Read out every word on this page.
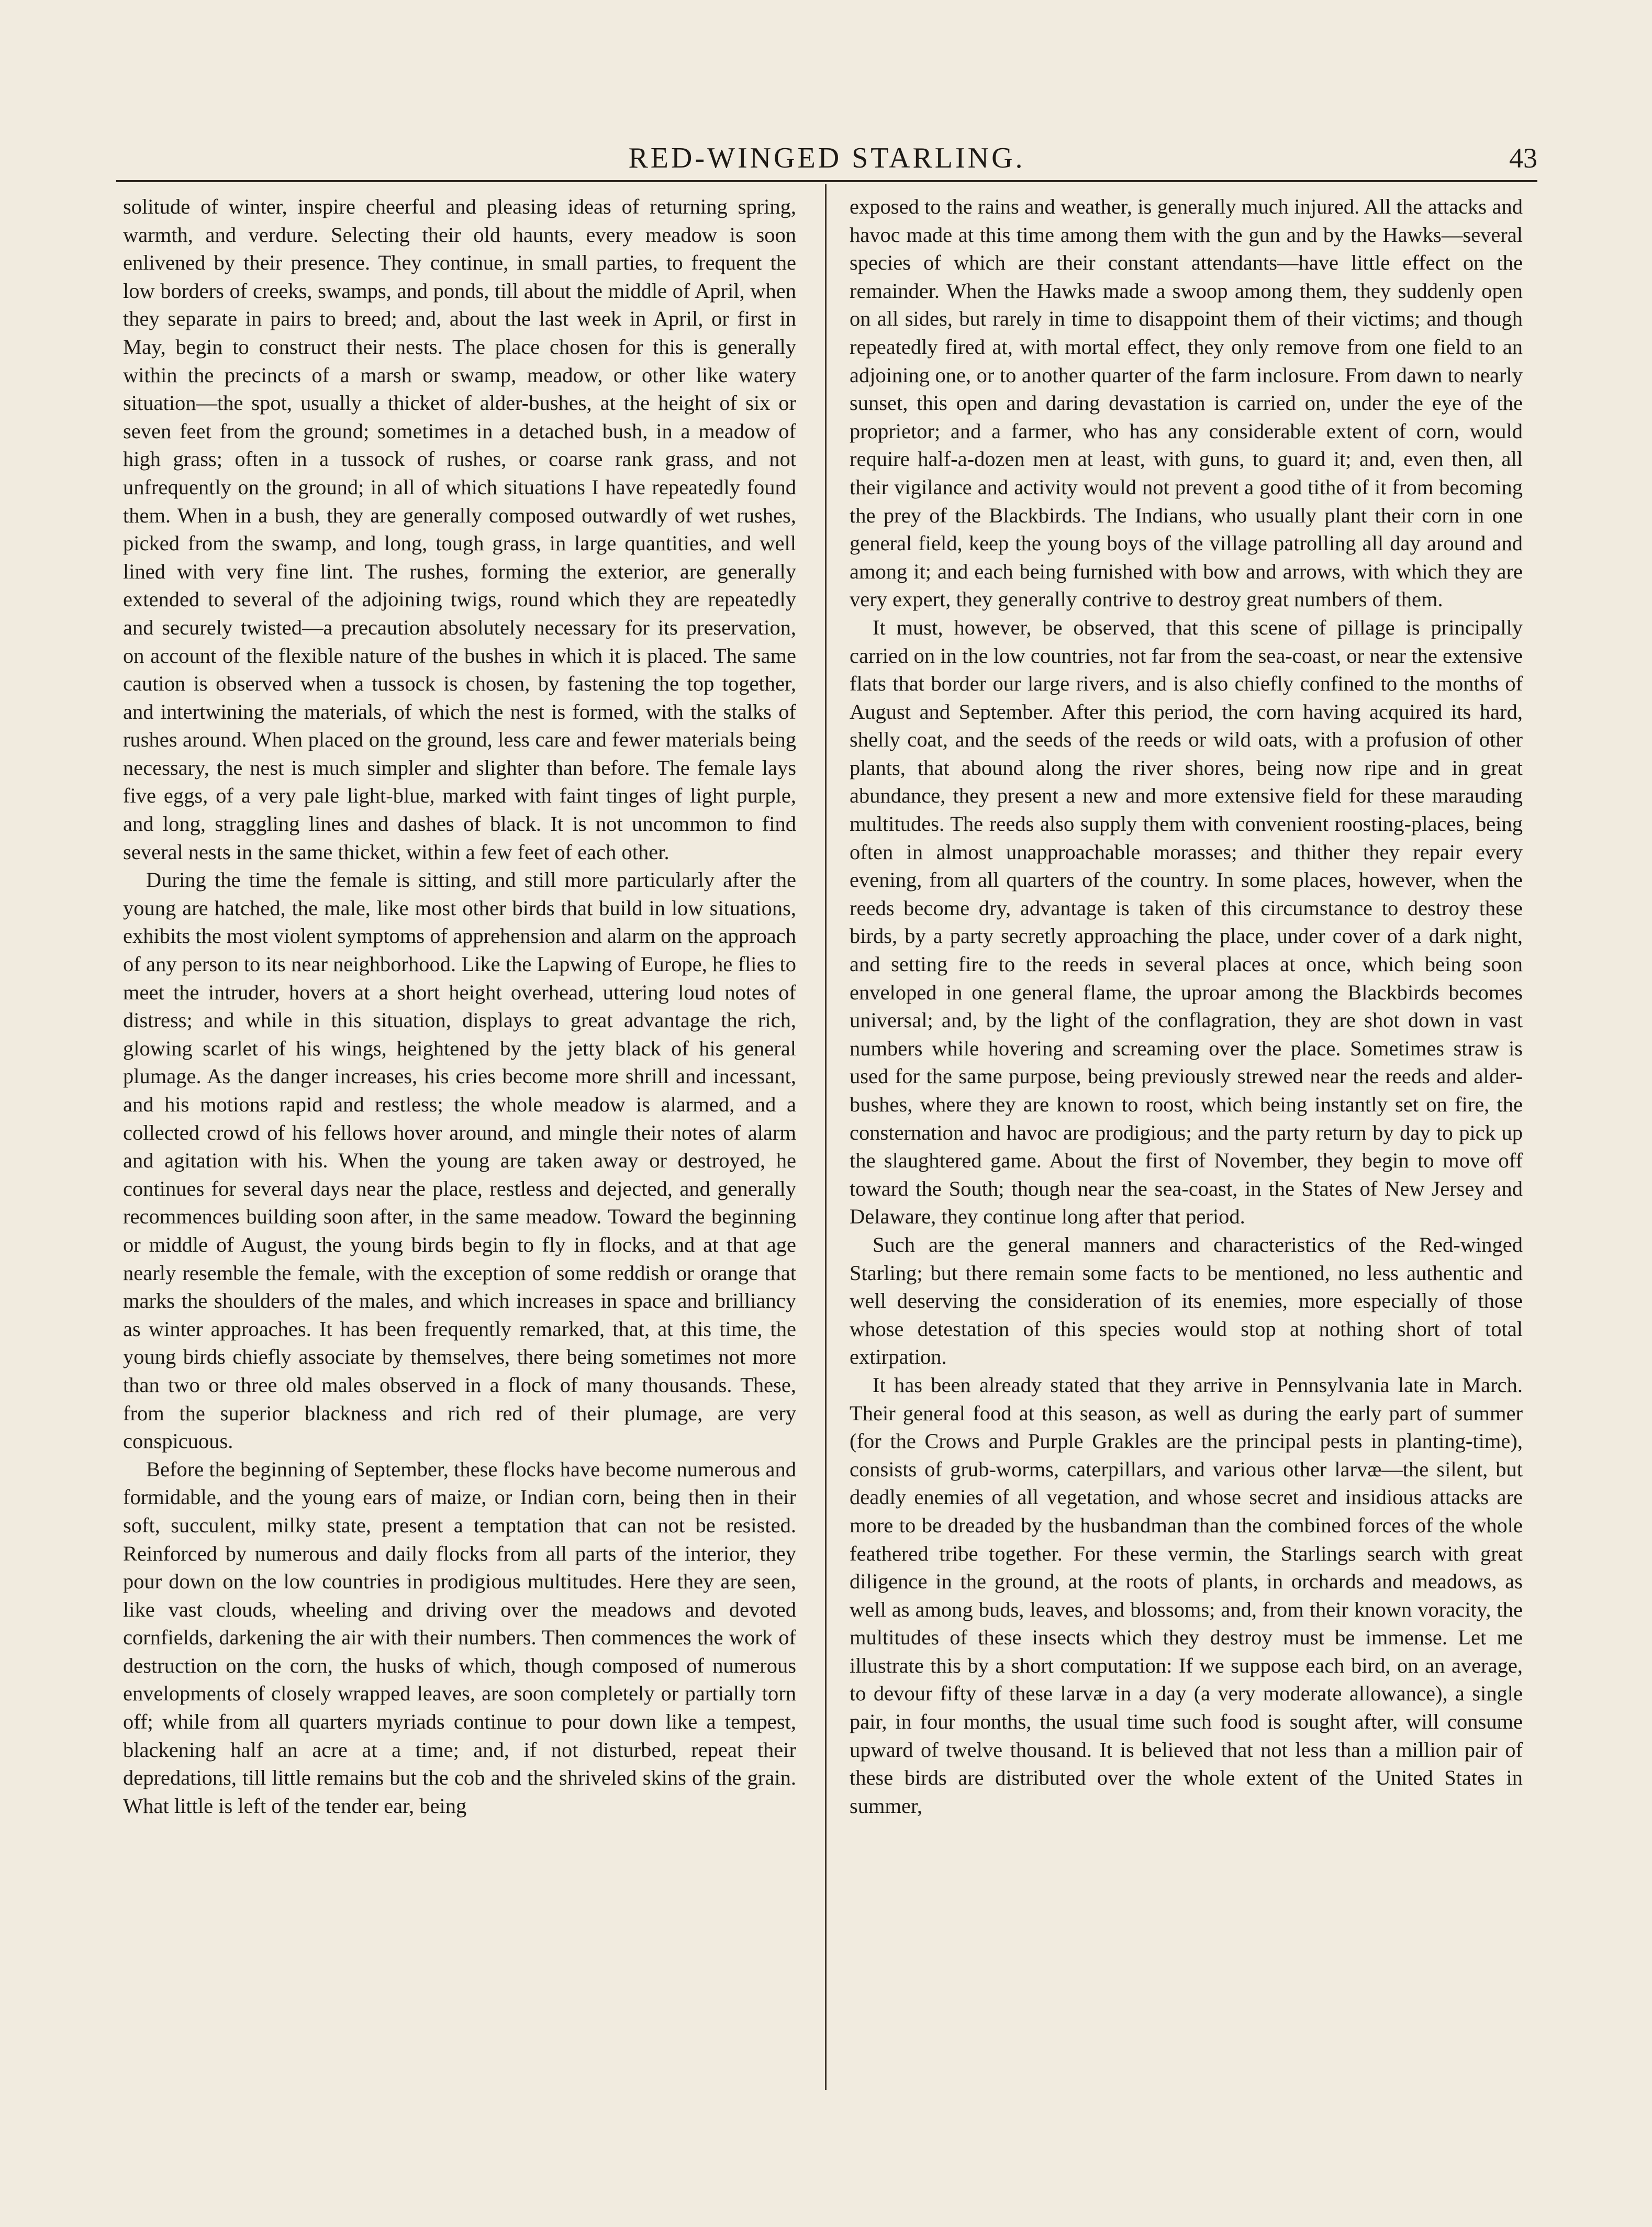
RED-WINGED STARLING.	43

solitude of winter, inspire cheerful and pleasing ideas of returning spring, warmth, and verdure. Selecting their old haunts, every meadow is soon enlivened by their presence. They continue, in small parties, to frequent the low borders of creeks, swamps, and ponds, till about the middle of April, when they separate in pairs to breed; and, about the last week in April, or first in May, begin to construct their nests. The place chosen for this is generally within the precincts of a marsh or swamp, meadow, or other like watery situation—the spot, usually a thicket of alder-bushes, at the height of six or seven feet from the ground; sometimes in a detached bush, in a meadow of high grass; often in a tussock of rushes, or coarse rank grass, and not unfrequently on the ground; in all of which situations I have repeatedly found them. When in a bush, they are generally composed outwardly of wet rushes, picked from the swamp, and long, tough grass, in large quantities, and well lined with very fine lint. The rushes, forming the exterior, are generally extended to several of the adjoining twigs, round which they are repeatedly and securely twisted—a precaution absolutely necessary for its preservation, on account of the flexible nature of the bushes in which it is placed. The same caution is observed when a tussock is chosen, by fastening the top together, and intertwining the materials, of which the nest is formed, with the stalks of rushes around. When placed on the ground, less care and fewer materials being necessary, the nest is much simpler and slighter than before. The female lays five eggs, of a very pale light-blue, marked with faint tinges of light purple, and long, straggling lines and dashes of black. It is not uncommon to find several nests in the same thicket, within a few feet of each other.

During the time the female is sitting, and still more particularly after the young are hatched, the male, like most other birds that build in low situations, exhibits the most violent symptoms of apprehension and alarm on the approach of any person to its near neighborhood. Like the Lapwing of Europe, he flies to meet the intruder, hovers at a short height overhead, uttering loud notes of distress; and while in this situation, displays to great advantage the rich, glowing scarlet of his wings, heightened by the jetty black of his general plumage. As the danger increases, his cries become more shrill and incessant, and his motions rapid and restless; the whole meadow is alarmed, and a collected crowd of his fellows hover around, and mingle their notes of alarm and agitation with his. When the young are taken away or destroyed, he continues for several days near the place, restless and dejected, and generally recommences building soon after, in the same meadow. Toward the beginning or middle of August, the young birds begin to fly in flocks, and at that age nearly resemble the female, with the exception of some reddish or orange that marks the shoulders of the males, and which increases in space and brilliancy as winter approaches. It has been frequently remarked, that, at this time, the young birds chiefly associate by themselves, there being sometimes not more than two or three old males observed in a flock of many thousands. These, from the superior blackness and rich red of their plumage, are very conspicuous.

Before the beginning of September, these flocks have become numerous and formidable, and the young ears of maize, or Indian corn, being then in their soft, succulent, milky state, present a temptation that can not be resisted. Reinforced by numerous and daily flocks from all parts of the interior, they pour down on the low countries in prodigious multitudes. Here they are seen, like vast clouds, wheeling and driving over the meadows and devoted cornfields, darkening the air with their numbers. Then commences the work of destruction on the corn, the husks of which, though composed of numerous envelopments of closely wrapped leaves, are soon completely or partially torn off; while from all quarters myriads continue to pour down like a tempest, blackening half an acre at a time; and, if not disturbed, repeat their depredations, till little remains but the cob and the shriveled skins of the grain. What little is left of the tender ear, being

exposed to the rains and weather, is generally much injured. All the attacks and havoc made at this time among them with the gun and by the Hawks—several species of which are their constant attendants—have little effect on the remainder. When the Hawks made a swoop among them, they suddenly open on all sides, but rarely in time to disappoint them of their victims; and though repeatedly fired at, with mortal effect, they only remove from one field to an adjoining one, or to another quarter of the farm inclosure. From dawn to nearly sunset, this open and daring devastation is carried on, under the eye of the proprietor; and a farmer, who has any considerable extent of corn, would require half-a-dozen men at least, with guns, to guard it; and, even then, all their vigilance and activity would not prevent a good tithe of it from becoming the prey of the Blackbirds. The Indians, who usually plant their corn in one general field, keep the young boys of the village patrolling all day around and among it; and each being furnished with bow and arrows, with which they are very expert, they generally contrive to destroy great numbers of them.

It must, however, be observed, that this scene of pillage is principally carried on in the low countries, not far from the sea-coast, or near the extensive flats that border our large rivers, and is also chiefly confined to the months of August and September. After this period, the corn having acquired its hard, shelly coat, and the seeds of the reeds or wild oats, with a profusion of other plants, that abound along the river shores, being now ripe and in great abundance, they present a new and more extensive field for these marauding multitudes. The reeds also supply them with convenient roosting-places, being often in almost unapproachable morasses; and thither they repair every evening, from all quarters of the country. In some places, however, when the reeds become dry, advantage is taken of this circumstance to destroy these birds, by a party secretly approaching the place, under cover of a dark night, and setting fire to the reeds in several places at once, which being soon enveloped in one general flame, the uproar among the Blackbirds becomes universal; and, by the light of the conflagration, they are shot down in vast numbers while hovering and screaming over the place. Sometimes straw is used for the same purpose, being previously strewed near the reeds and alder-bushes, where they are known to roost, which being instantly set on fire, the consternation and havoc are prodigious; and the party return by day to pick up the slaughtered game. About the first of November, they begin to move off toward the South; though near the sea-coast, in the States of New Jersey and Delaware, they continue long after that period.

Such are the general manners and characteristics of the Red-winged Starling; but there remain some facts to be mentioned, no less authentic and well deserving the consideration of its enemies, more especially of those whose detestation of this species would stop at nothing short of total extirpation.

It has been already stated that they arrive in Pennsylvania late in March. Their general food at this season, as well as during the early part of summer (for the Crows and Purple Grakles are the principal pests in planting-time), consists of grub-worms, caterpillars, and various other larvæ—the silent, but deadly enemies of all vegetation, and whose secret and insidious attacks are more to be dreaded by the husbandman than the combined forces of the whole feathered tribe together. For these vermin, the Starlings search with great diligence in the ground, at the roots of plants, in orchards and meadows, as well as among buds, leaves, and blossoms; and, from their known voracity, the multitudes of these insects which they destroy must be immense. Let me illustrate this by a short computation: If we suppose each bird, on an average, to devour fifty of these larvæ in a day (a very moderate allowance), a single pair, in four months, the usual time such food is sought after, will consume upward of twelve thousand. It is believed that not less than a million pair of these birds are distributed over the whole extent of the United States in summer,
